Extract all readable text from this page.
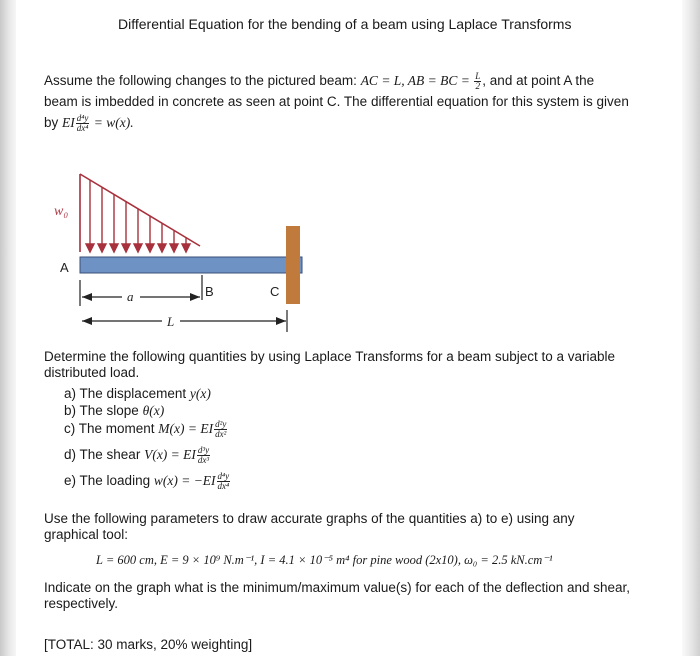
Differential Equation for the bending of a beam using Laplace Transforms
Assume the following changes to the pictured beam: AC = L, AB = BC = $\frac{L}{2}$ , and at point A the
beam is imbedded in concrete as seen at point C. The differential equation for this system is given
by EI $\frac{\text{d⁴y}}{\text{dx⁴}} = w(x)$.
w₀
A
B	C
a
L
Determine the following quantities by using Laplace Transforms for a beam subject to a variable
distributed load.
a) The displacement y(x)
b) The slope θ(x)
c) The moment M(x) = EI $\frac{\text{d²y}}{\text{dx²}}$
d) The shear V(x) = EI $\frac{\text{d³y}}{\text{dx³}}$
e) The loading $w(x) = -EI \frac{\text{d⁴y}}{\text{dx⁴}}$
Use the following parameters to draw accurate graphs of the quantities a) to e) using any
graphical tool:
L = 600 cm, E = 9 × 10⁹ N.m⁻¹, I = 4.1 × 10⁻⁵ m⁴ for pine wood (2x10), ω₀ = 2.5 kN.cm⁻¹
Indicate on the graph what is the minimum/maximum value(s) for each of the deflection and shear,
respectively.
[TOTAL: 30 marks, 20% weighting]
